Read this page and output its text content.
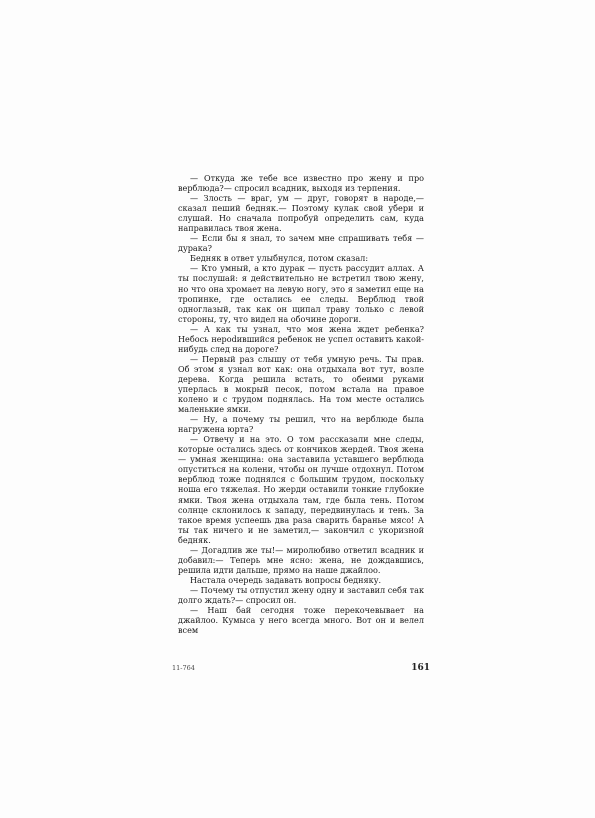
— Откуда же тебе все известно про жену и про верблюда?— спросил всадник, выходя из терпения.

— Злость — враг, ум — друг, говорят в народе,— сказал пеший бедняк.— Поэтому кулак свой убери и слушай. Но сначала попробуй определить сам, куда направилась твоя жена.

— Если бы я знал, то зачем мне спрашивать тебя — дурака?

Бедняк в ответ улыбнулся, потом сказал:

— Кто умный, а кто дурак — пусть рассудит аллах. А ты послушай: я действительно не встретил твою жену, но что она хромает на левую ногу, это я заметил еще на тропинке, где остались ее следы. Верблюд твой одноглазый, так как он щипал траву только с левой стороны, ту, что видел на обочине дороги.

— А как ты узнал, что моя жена ждет ребенка? Небось нерodившийся ребенок не успел оставить какой-нибудь след на дороге?

— Первый раз слышу от тебя умную речь. Ты прав. Об этом я узнал вот как: она отдыхала вот тут, возле дерева. Когда решила встать, то обеими руками уперлась в мокрый песок, потом встала на правое колено и с трудом поднялась. На том месте остались маленькие ямки.

— Ну, а почему ты решил, что на верблюде была нагружена юрта?

— Отвечу и на это. О том рассказали мне следы, которые остались здесь от кончиков жердей. Твоя жена — умная женщина: она заставила уставшего верблюда опуститься на колени, чтобы он лучше отдохнул. Потом верблюд тоже поднялся с большим трудом, поскольку ноша его тяжелая. Но жерди оставили тонкие глубокие ямки. Твоя жена отдыхала там, где была тень. Потом солнце склонилось к западу, передвинулась и тень. За такое время успеешь два раза сварить баранье мясо! А ты так ничего и не заметил,— закончил с укоризной бедняк.

— Догадлив же ты!— миролюбиво ответил всадник и добавил:— Теперь мне ясно: жена, не дождавшись, решила идти дальше, прямо на наше джайлоо.

Настала очередь задавать вопросы бедняку.

— Почему ты отпустил жену одну и заставил себя так долго ждать?— спросил он.

— Наш бай сегодня тоже перекочевывает на джайлоо. Кумыса у него всегда много. Вот он и велел всем

11-764	161
